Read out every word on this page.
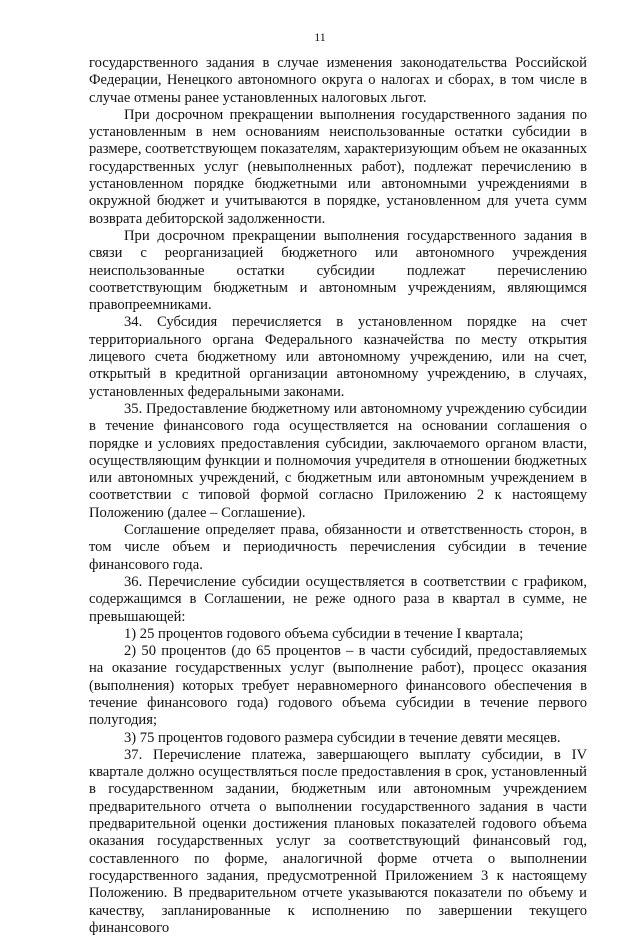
11

государственного задания в случае изменения законодательства Российской Федерации, Ненецкого автономного округа о налогах и сборах, в том числе в случае отмены ранее установленных налоговых льгот.

При досрочном прекращении выполнения государственного задания по установленным в нем основаниям неиспользованные остатки субсидии в размере, соответствующем показателям, характеризующим объем не оказанных государственных услуг (невыполненных работ), подлежат перечислению в установленном порядке бюджетными или автономными учреждениями в окружной бюджет и учитываются в порядке, установленном для учета сумм возврата дебиторской задолженности.

При досрочном прекращении выполнения государственного задания в связи с реорганизацией бюджетного или автономного учреждения неиспользованные остатки субсидии подлежат перечислению соответствующим бюджетным и автономным учреждениям, являющимся правопреемниками.

34. Субсидия перечисляется в установленном порядке на счет территориального органа Федерального казначейства по месту открытия лицевого счета бюджетному или автономному учреждению, или на счет, открытый в кредитной организации автономному учреждению, в случаях, установленных федеральными законами.

35. Предоставление бюджетному или автономному учреждению субсидии в течение финансового года осуществляется на основании соглашения о порядке и условиях предоставления субсидии, заключаемого органом власти, осуществляющим функции и полномочия учредителя в отношении бюджетных или автономных учреждений, с бюджетным или автономным учреждением в соответствии с типовой формой согласно Приложению 2 к настоящему Положению (далее – Соглашение).

Соглашение определяет права, обязанности и ответственность сторон, в том числе объем и периодичность перечисления субсидии в течение финансового года.

36. Перечисление субсидии осуществляется в соответствии с графиком, содержащимся в Соглашении, не реже одного раза в квартал в сумме, не превышающей:

1) 25 процентов годового объема субсидии в течение I квартала;

2) 50 процентов (до 65 процентов – в части субсидий, предоставляемых на оказание государственных услуг (выполнение работ), процесс оказания (выполнения) которых требует неравномерного финансового обеспечения в течение финансового года) годового объема субсидии в течение первого полугодия;

3) 75 процентов годового размера субсидии в течение девяти месяцев.

37. Перечисление платежа, завершающего выплату субсидии, в IV квартале должно осуществляться после предоставления в срок, установленный в государственном задании, бюджетным или автономным учреждением предварительного отчета о выполнении государственного задания в части предварительной оценки достижения плановых показателей годового объема оказания государственных услуг за соответствующий финансовый год, составленного по форме, аналогичной форме отчета о выполнении государственного задания, предусмотренной Приложением 3 к настоящему Положению. В предварительном отчете указываются показатели по объему и качеству, запланированные к исполнению по завершении текущего финансового
